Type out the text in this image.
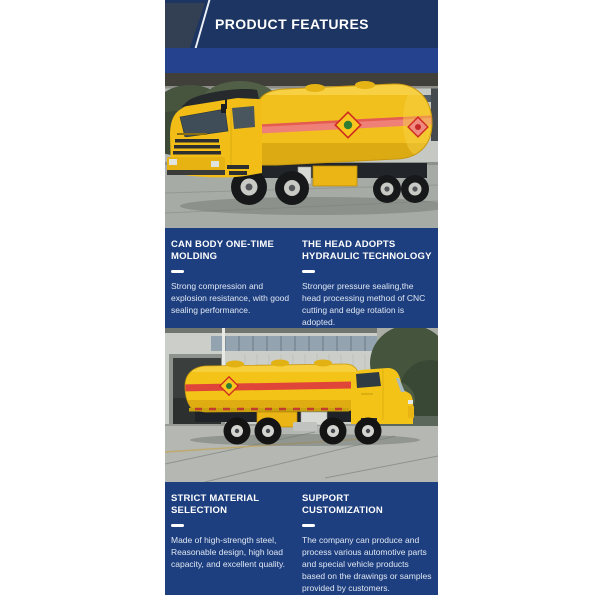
PRODUCT FEATURES
CAN BODY ONE-TIME
MOLDING

Strong compression and explosion resistance, with good sealing performance.

THE HEAD ADOPTS
HYDRAULIC TECHNOLOGY

Stronger pressure sealing,the head processing method of CNC cutting and edge rotation is adopted.

STRICT MATERIAL
SELECTION

Made of high-strength steel, Reasonable design, high load capacity, and excellent quality.

SUPPORT
CUSTOMIZATION

The company can produce and process various automotive parts and special vehicle products based on the drawings or samples provided by customers.
